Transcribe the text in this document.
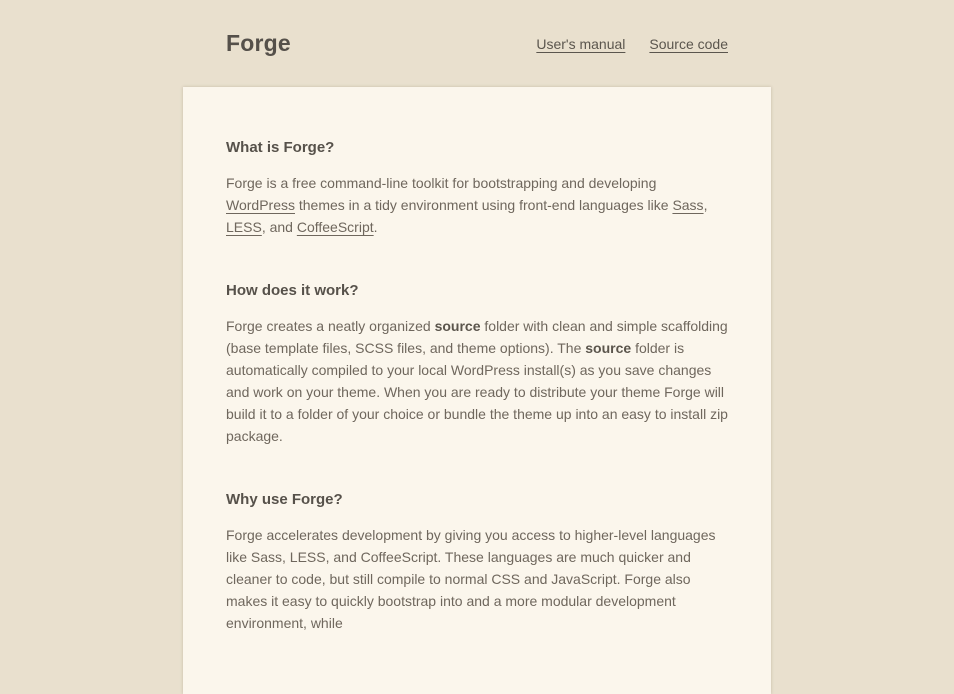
Forge	User's manual Source code
What is Forge?

Forge is a free command-line toolkit for bootstrapping and developing WordPress themes in a tidy environment using front-end languages like Sass, LESS, and CoffeeScript.

How does it work?

Forge creates a neatly organized source folder with clean and simple scaffolding (base template files, SCSS files, and theme options). The source folder is automatically compiled to your local WordPress install(s) as you save changes and work on your theme. When you are ready to distribute your theme Forge will build it to a folder of your choice or bundle the theme up into an easy to install zip package.

Why use Forge?

Forge accelerates development by giving you access to higher-level languages like Sass, LESS, and CoffeeScript. These languages are much quicker and cleaner to code, but still compile to normal CSS and JavaScript. Forge also makes it easy to quickly bootstrap into and a more modular development environment, while
